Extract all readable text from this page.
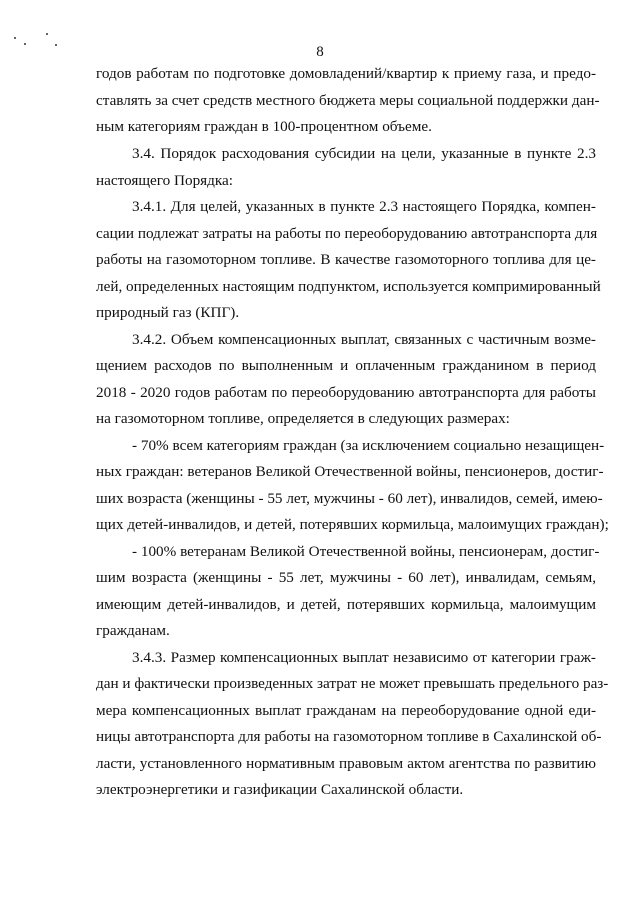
8
годов работам по подготовке домовладений/квартир к приему газа, и предо-
ставлять за счет средств местного бюджета меры социальной поддержки дан-
ным категориям граждан в 100-процентном объеме.
3.4. Порядок расходования субсидии на цели, указанные в пункте 2.3
настоящего Порядка:
3.4.1. Для целей, указанных в пункте 2.3 настоящего Порядка, компен-
сации подлежат затраты на работы по переоборудованию автотранспорта для
работы на газомоторном топливе. В качестве газомоторного топлива для це-
лей, определенных настоящим подпунктом, используется компримированный
природный газ (КПГ).
3.4.2. Объем компенсационных выплат, связанных с частичным возме-
щением расходов по выполненным и оплаченным гражданином в период
2018 - 2020 годов работам по переоборудованию автотранспорта для работы
на газомоторном топливе, определяется в следующих размерах:
- 70% всем категориям граждан (за исключением социально незащищен-
ных граждан: ветеранов Великой Отечественной войны, пенсионеров, достиг-
ших возраста (женщины - 55 лет, мужчины - 60 лет), инвалидов, семей, имею-
щих детей-инвалидов, и детей, потерявших кормильца, малоимущих граждан);
- 100% ветеранам Великой Отечественной войны, пенсионерам, достиг-
шим возраста (женщины - 55 лет, мужчины - 60 лет), инвалидам, семьям,
имеющим детей-инвалидов, и детей, потерявших кормильца, малоимущим
гражданам.
3.4.3. Размер компенсационных выплат независимо от категории граж-
дан и фактически произведенных затрат не может превышать предельного раз-
мера компенсационных выплат гражданам на переоборудование одной еди-
ницы автотранспорта для работы на газомоторном топливе в Сахалинской об-
ласти, установленного нормативным правовым актом агентства по развитию
электроэнергетики и газификации Сахалинской области.
